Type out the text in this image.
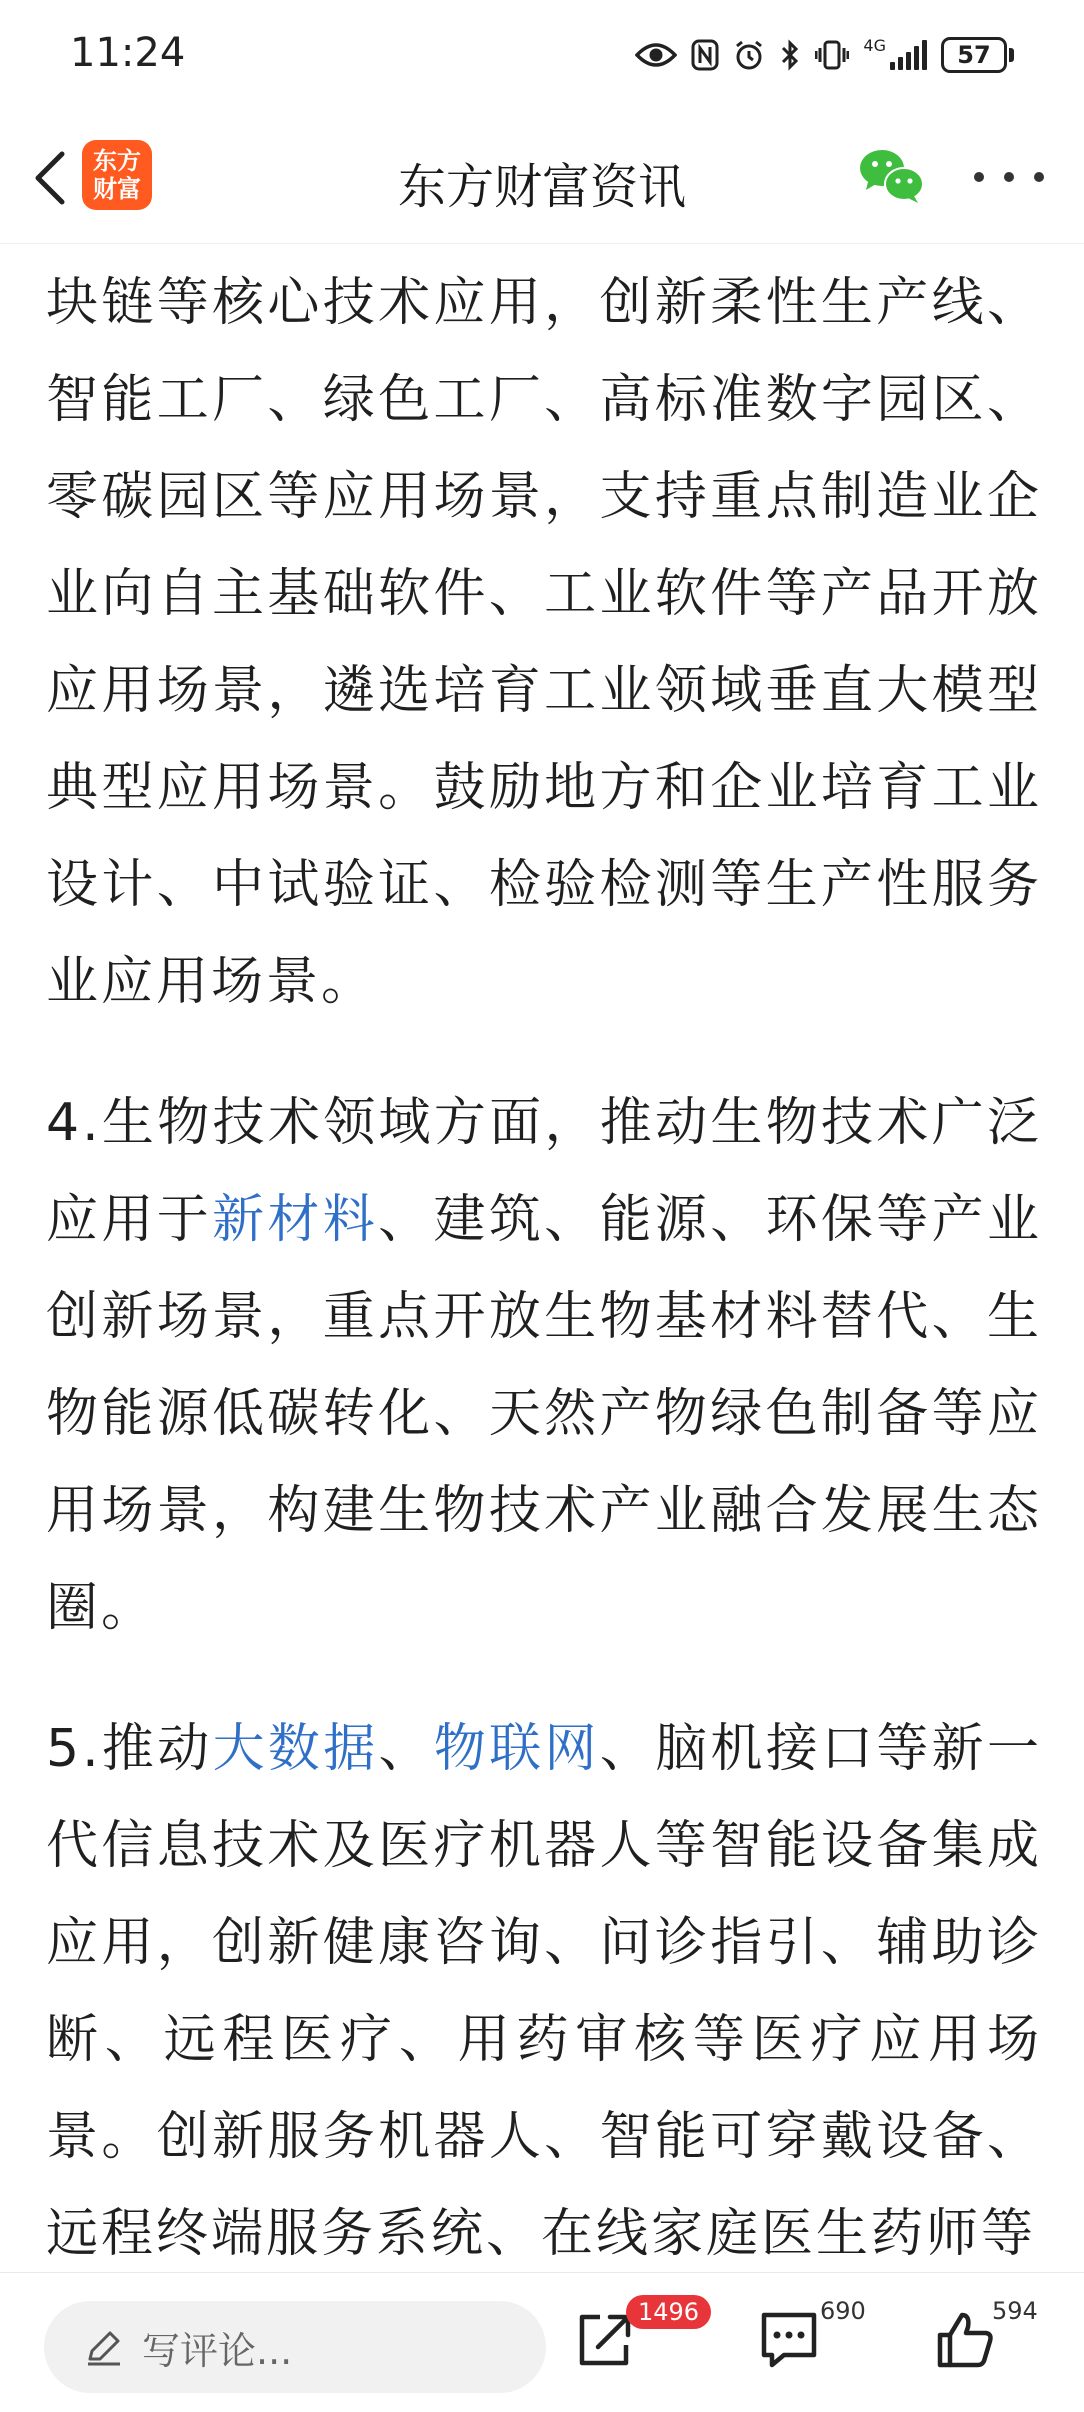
11:24	4G	57
东方财富	东方财富资讯

块链等核心技术应用，创新柔性生产线、智能工厂、绿色工厂、高标准数字园区、零碳园区等应用场景，支持重点制造业企业向自主基础软件、工业软件等产品开放应用场景，遴选培育工业领域垂直大模型典型应用场景。鼓励地方和企业培育工业设计、中试验证、检验检测等生产性服务业应用场景。

4.生物技术领域方面，推动生物技术广泛应用于新材料、建筑、能源、环保等产业创新场景，重点开放生物基材料替代、生物能源低碳转化、天然产物绿色制备等应用场景，构建生物技术产业融合发展生态圈。

5.推动大数据、物联网、脑机接口等新一代信息技术及医疗机器人等智能设备集成应用，创新健康咨询、问诊指引、辅助诊断、远程医疗、用药审核等医疗应用场景。创新服务机器人、智能可穿戴设备、远程终端服务系统、在线家庭医生药师等

写评论...
1496	690	594
